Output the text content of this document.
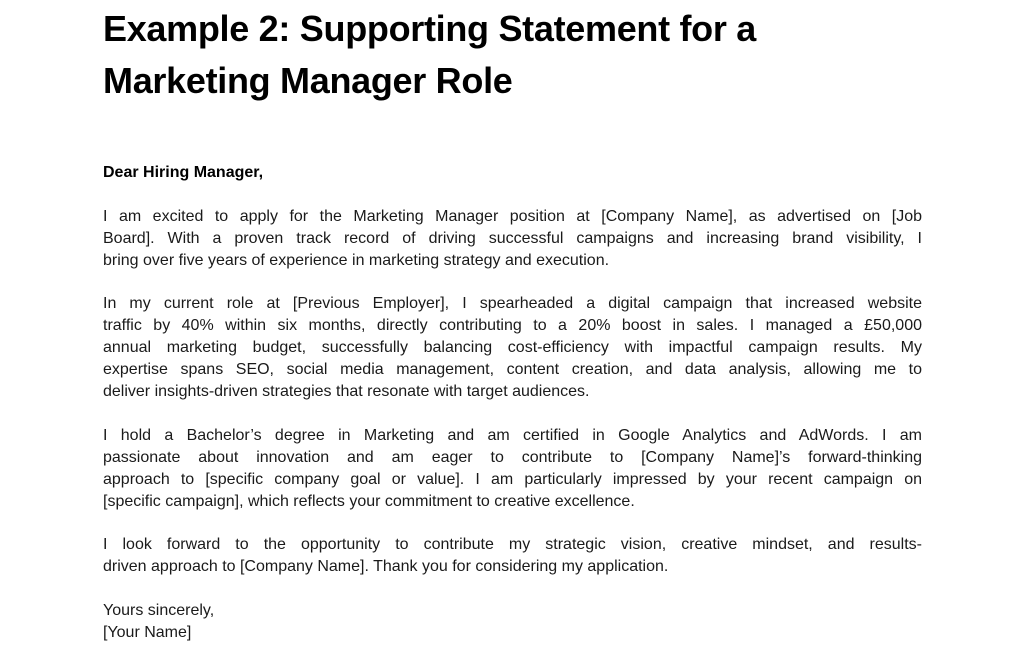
Example 2: Supporting Statement for a
Marketing Manager Role
Dear Hiring Manager,
I am excited to apply for the Marketing Manager position at [Company Name], as advertised on [Job
Board]. With a proven track record of driving successful campaigns and increasing brand visibility, I
bring over five years of experience in marketing strategy and execution.
In my current role at [Previous Employer], I spearheaded a digital campaign that increased website
traffic by 40% within six months, directly contributing to a 20% boost in sales. I managed a £50,000
annual marketing budget, successfully balancing cost-efficiency with impactful campaign results. My
expertise spans SEO, social media management, content creation, and data analysis, allowing me to
deliver insights-driven strategies that resonate with target audiences.
I hold a Bachelor’s degree in Marketing and am certified in Google Analytics and AdWords. I am
passionate about innovation and am eager to contribute to [Company Name]’s forward-thinking
approach to [specific company goal or value]. I am particularly impressed by your recent campaign on
[specific campaign], which reflects your commitment to creative excellence.
I look forward to the opportunity to contribute my strategic vision, creative mindset, and results-
driven approach to [Company Name]. Thank you for considering my application.
Yours sincerely,
[Your Name]
